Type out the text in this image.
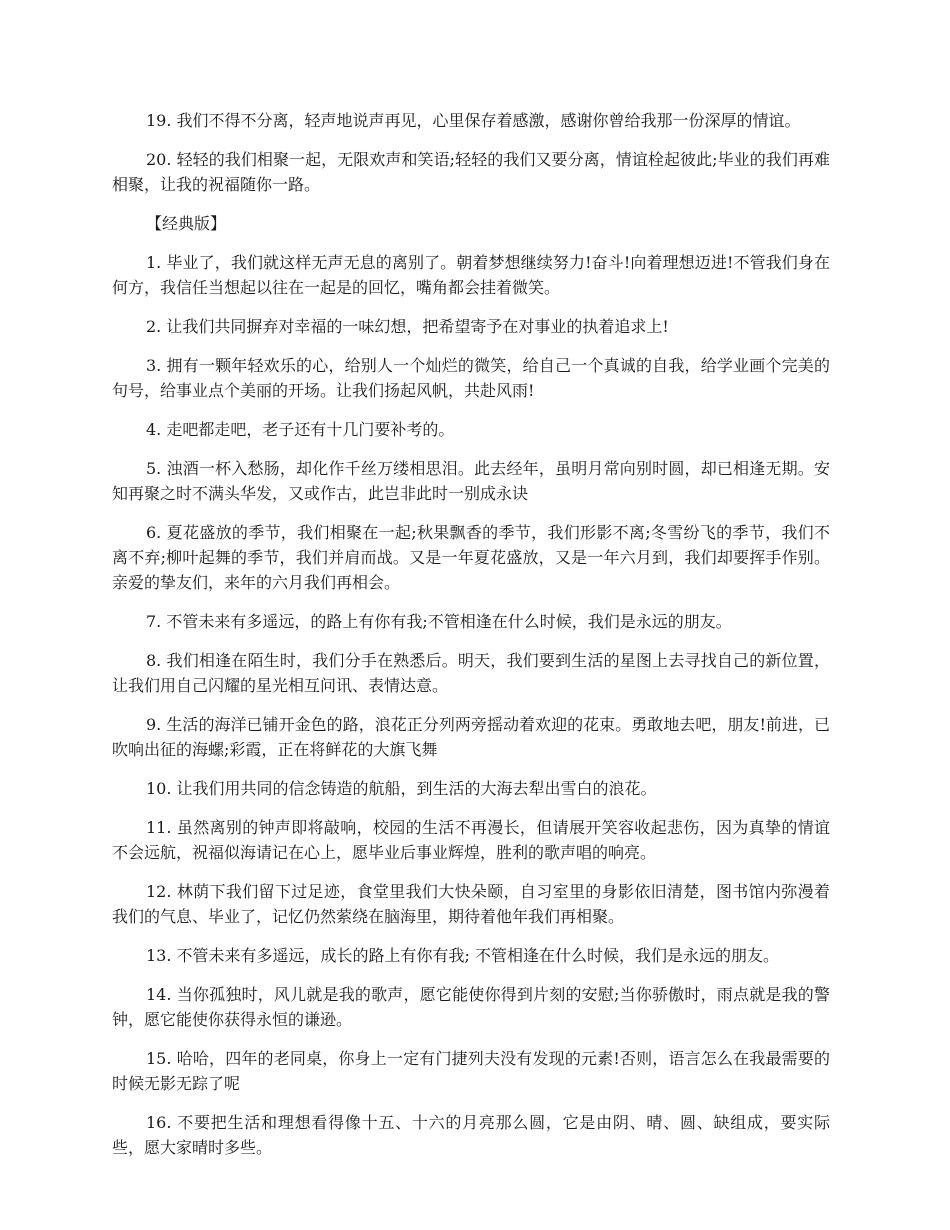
19. 我们不得不分离，轻声地说声再见，心里保存着感激，感谢你曾给我那一份深厚的情谊。

20. 轻轻的我们相聚一起，无限欢声和笑语;轻轻的我们又要分离，情谊栓起彼此;毕业的我们再难相聚，让我的祝福随你一路。

【经典版】

1. 毕业了，我们就这样无声无息的离别了。朝着梦想继续努力!奋斗!向着理想迈进!不管我们身在何方，我信任当想起以往在一起是的回忆，嘴角都会挂着微笑。

2. 让我们共同摒弃对幸福的一味幻想，把希望寄予在对事业的执着追求上!

3. 拥有一颗年轻欢乐的心，给别人一个灿烂的微笑，给自己一个真诚的自我，给学业画个完美的句号，给事业点个美丽的开场。让我们扬起风帆，共赴风雨!

4. 走吧都走吧，老子还有十几门要补考的。

5. 浊酒一杯入愁肠，却化作千丝万缕相思泪。此去经年，虽明月常向别时圆，却已相逢无期。安知再聚之时不满头华发，又或作古，此岂非此时一别成永诀

6. 夏花盛放的季节，我们相聚在一起;秋果飘香的季节，我们形影不离;冬雪纷飞的季节，我们不离不弃;柳叶起舞的季节，我们并肩而战。又是一年夏花盛放，又是一年六月到，我们却要挥手作别。亲爱的挚友们，来年的六月我们再相会。

7. 不管未来有多遥远，的路上有你有我;不管相逢在什么时候，我们是永远的朋友。

8. 我们相逢在陌生时，我们分手在熟悉后。明天，我们要到生活的星图上去寻找自己的新位置，让我们用自己闪耀的星光相互问讯、表情达意。

9. 生活的海洋已铺开金色的路，浪花正分列两旁摇动着欢迎的花束。勇敢地去吧，朋友!前进，已吹响出征的海螺;彩霞，正在将鲜花的大旗飞舞

10. 让我们用共同的信念铸造的航船，到生活的大海去犁出雪白的浪花。

11. 虽然离别的钟声即将敲响，校园的生活不再漫长，但请展开笑容收起悲伤，因为真挚的情谊不会远航，祝福似海请记在心上，愿毕业后事业辉煌，胜利的歌声唱的响亮。

12. 林荫下我们留下过足迹，食堂里我们大快朵颐，自习室里的身影依旧清楚，图书馆内弥漫着我们的气息、毕业了，记忆仍然萦绕在脑海里，期待着他年我们再相聚。

13. 不管未来有多遥远，成长的路上有你有我; 不管相逢在什么时候，我们是永远的朋友。

14. 当你孤独时，风儿就是我的歌声，愿它能使你得到片刻的安慰;当你骄傲时，雨点就是我的警钟，愿它能使你获得永恒的谦逊。

15. 哈哈，四年的老同桌，你身上一定有门捷列夫没有发现的元素!否则，语言怎么在我最需要的时候无影无踪了呢

16. 不要把生活和理想看得像十五、十六的月亮那么圆，它是由阴、晴、圆、缺组成，要实际些，愿大家晴时多些。
